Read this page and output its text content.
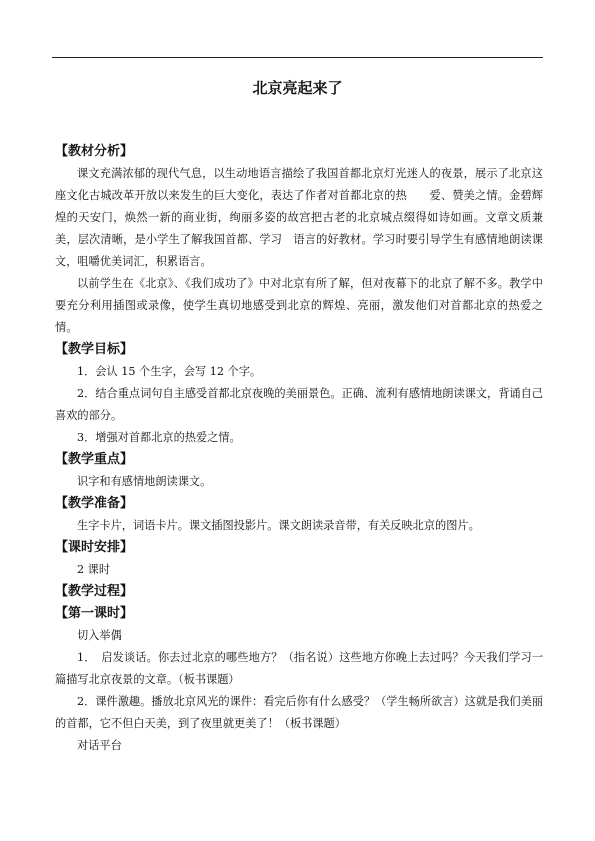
北京亮起来了
【教材分析】

课文充满浓郁的现代气息，以生动地语言描绘了我国首都北京灯光迷人的夜景，展示了北京这座文化古城改革开放以来发生的巨大变化，表达了作者对首都北京的热　　爱、赞美之情。金碧辉煌的天安门，焕然一新的商业街，绚丽多姿的故宫把古老的北京城点缀得如诗如画。文章文质兼美，层次清晰，是小学生了解我国首都、学习　语言的好教材。学习时要引导学生有感情地朗读课文，咀嚼优美词汇，积累语言。

以前学生在《北京》、《我们成功了》中对北京有所了解，但对夜幕下的北京了解不多。教学中要充分利用插图或录像，使学生真切地感受到北京的辉煌、亮丽，激发他们对首都北京的热爱之情。

【教学目标】

1．会认 15 个生字，会写 12 个字。

2．结合重点词句自主感受首都北京夜晚的美丽景色。正确、流利有感情地朗读课文，背诵自己喜欢的部分。

3．增强对首都北京的热爱之情。

【教学重点】
识字和有感情地朗读课文。
【教学准备】
生字卡片，词语卡片。课文插图投影片。课文朗读录音带，有关反映北京的图片。
【课时安排】
2 课时
【教学过程】
【第一课时】
切入举偶

1．　启发谈话。你去过北京的哪些地方？（指名说）这些地方你晚上去过吗？今天我们学习一篇描写北京夜景的文章。（板书课题）

2．课件激趣。播放北京风光的课件：看完后你有什么感受？（学生畅所欲言）这就是我们美丽的首都，它不但白天美，到了夜里就更美了！（板书课题）

对话平台
